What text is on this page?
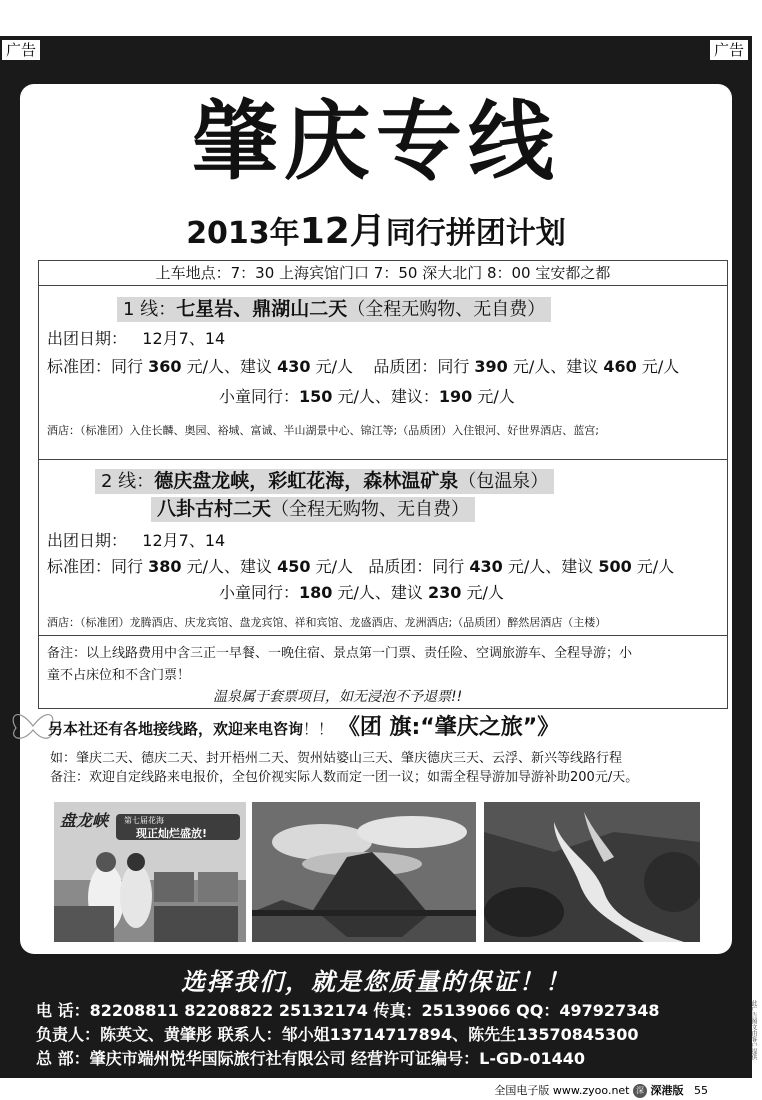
广告	广告
肇庆专线
2013年12月同行拼团计划
上车地点：7：30 上海宾馆门口 7：50 深大北门 8：00 宝安都之都
1 线：七星岩、鼎湖山二天（全程无购物、无自费）
出团日期： 12月7、14
标准团：同行 360 元/人、建议 430 元/人 品质团：同行 390 元/人、建议 460 元/人
小童同行：150 元/人、建议：190 元/人
酒店：（标准团）入住长麟、奥园、裕城、富诚、半山湖景中心、锦江等;（品质团）入住银河、好世界酒店、蓝宫;
2 线：德庆盘龙峡，彩虹花海，森林温矿泉（包温泉）
八卦古村二天（全程无购物、无自费）
出团日期： 12月7、14
标准团：同行 380 元/人、建议 450 元/人 品质团：同行 430 元/人、建议 500 元/人
小童同行：180 元/人、建议 230 元/人
酒店：（标准团）龙腾酒店、庆龙宾馆、盘龙宾馆、祥和宾馆、龙盛酒店、龙洲酒店;（品质团）醉然居酒店（主楼）
备注：以上线路费用中含三正一早餐、一晚住宿、景点第一门票、责任险、空调旅游车、全程导游；小
童不占床位和不含门票！
温泉属于套票项目，如无浸泡不予退票!!
另本社还有各地接线路，欢迎来电咨询！！ 《团 旗:“肇庆之旅”》
如：肇庆二天、德庆二天、封开梧州二天、贺州姑婆山三天、肇庆德庆三天、云浮、新兴等线路行程
备注：欢迎自定线路来电报价，全包价视实际人数而定一团一议；如需全程导游加导游补助200元/天。
盘龙峡 第七届花海
现正灿烂盛放!
选择我们，就是您质量的保证！！
电 话：82208811 82208822 25132174 传真：25139066 QQ：497927348
负责人：陈英文、黄肇彤 联系人：邹小姐13714717894、陈先生13570845300
总 部：肇庆市端州悦华国际旅行社有限公司 经营许可证编号：L-GD-01440	此广告图文由客户提供
全国电子版 www.zyoo.net 深 深港版 55
